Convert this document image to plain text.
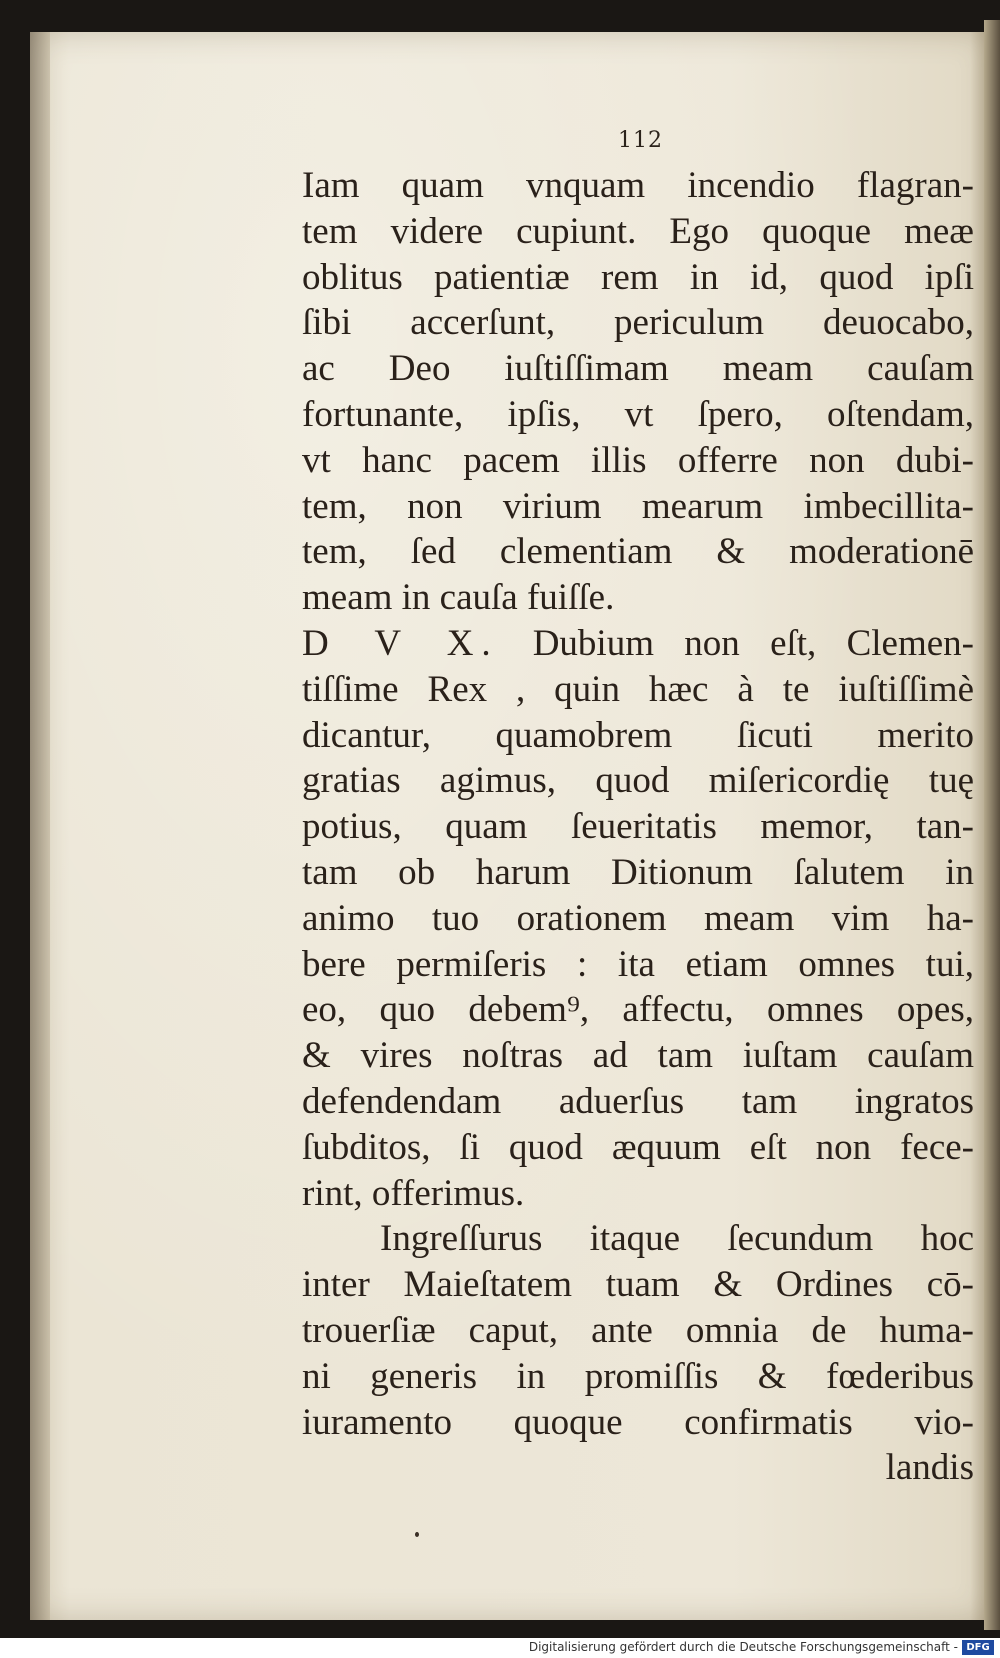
112
Iam quam vnquam incendio flagran-
tem videre cupiunt. Ego quoque meæ
oblitus patientiæ rem in id, quod ipſi
ſibi accerſunt, periculum deuocabo,
ac Deo iuſtiſſimam meam cauſam
fortunante, ipſis, vt ſpero, oſtendam,
vt hanc pacem illis offerre non dubi-
tem, non virium mearum imbecillita-
tem, ſed clementiam & moderationē
meam in cauſa fuiſſe.
D V X. Dubium non eſt, Clemen-
tiſſime Rex , quin hæc à te iuſtiſſimè
dicantur, quamobrem ſicuti merito
gratias agimus, quod miſericordię tuę
potius, quam ſeueritatis memor, tan-
tam ob harum Ditionum ſalutem in
animo tuo orationem meam vim ha-
bere permiſeris : ita etiam omnes tui,
eo, quo debem⁹, affectu, omnes opes,
& vires noſtras ad tam iuſtam cauſam
defendendam aduerſus tam ingratos
ſubditos, ſi quod æquum eſt non fece-
rint, offerimus.
Ingreſſurus itaque ſecundum hoc
inter Maieſtatem tuam & Ordines cō-
trouerſiæ caput, ante omnia de huma-
ni generis in promiſſis & fœderibus
iuramento quoque confirmatis vio-
landis
Digitalisierung gefördert durch die Deutsche Forschungsgemeinschaft - DFG
